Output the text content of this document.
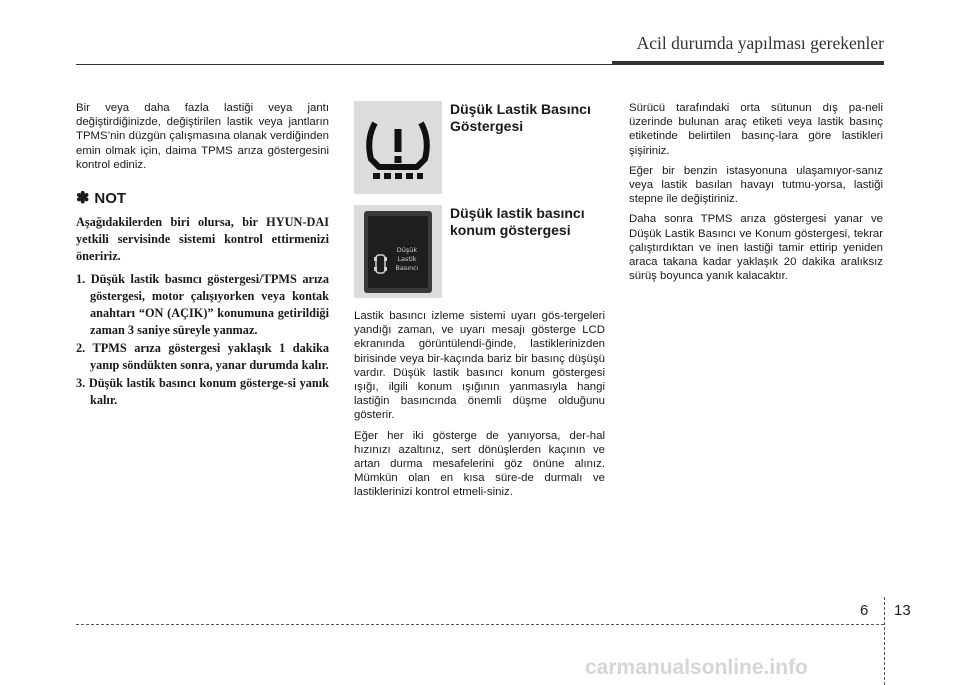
Acil durumda yapılması gerekenler

Bir veya daha fazla lastiği veya jantı değiştirdiğinizde, değiştirilen lastik veya jantların TPMS’nin düzgün çalışmasına olanak verdiğinden emin olmak için, daima TPMS arıza göstergesini kontrol ediniz.

✽ NOT

Aşağıdakilerden biri olursa, bir HYUN-DAI yetkili servisinde sistemi kontrol ettirmenizi öneririz.

1. Düşük lastik basıncı göstergesi/TPMS arıza göstergesi, motor çalışıyorken veya kontak anahtarı “ON (AÇIK)” konumuna getirildiği zaman 3 saniye süreyle yanmaz.
2. TPMS arıza göstergesi yaklaşık 1 dakika yanıp söndükten sonra, yanar durumda kalır.
3. Düşük lastik basıncı konum gösterge-si yanık kalır.
Düşük Lastik Basıncı Göstergesi
Düşük
Lastik
Basıncı
Düşük lastik basıncı konum göstergesi

Lastik basıncı izleme sistemi uyarı gös-tergeleri yandığı zaman, ve uyarı mesajı gösterge LCD ekranında görüntülendi-ğinde, lastiklerinizden birisinde veya bir-kaçında bariz bir basınç düşüşü vardır. Düşük lastik basıncı konum göstergesi ışığı, ilgili konum ışığının yanmasıyla hangi lastiğin basıncında önemli düşme olduğunu gösterir.

Eğer her iki gösterge de yanıyorsa, der-hal hızınızı azaltınız, sert dönüşlerden kaçının ve artan durma mesafelerini göz önüne alınız. Mümkün olan en kısa süre-de durmalı ve lastiklerinizi kontrol etmeli-siniz.

Sürücü tarafındaki orta sütunun dış pa-neli üzerinde bulunan araç etiketi veya lastik basınç etiketinde belirtilen basınç-lara göre lastikleri şişiriniz.

Eğer bir benzin istasyonuna ulaşamıyor-sanız veya lastik basılan havayı tutmu-yorsa, lastiği stepne ile değiştiriniz.

Daha sonra TPMS arıza göstergesi yanar ve Düşük Lastik Basıncı ve Konum göstergesi, tekrar çalıştırdıktan ve inen lastiği tamir ettirip yeniden araca takana kadar yaklaşık 20 dakika aralıksız sürüş boyunca yanık kalacaktır.

6 13
carmanualsonline.info
